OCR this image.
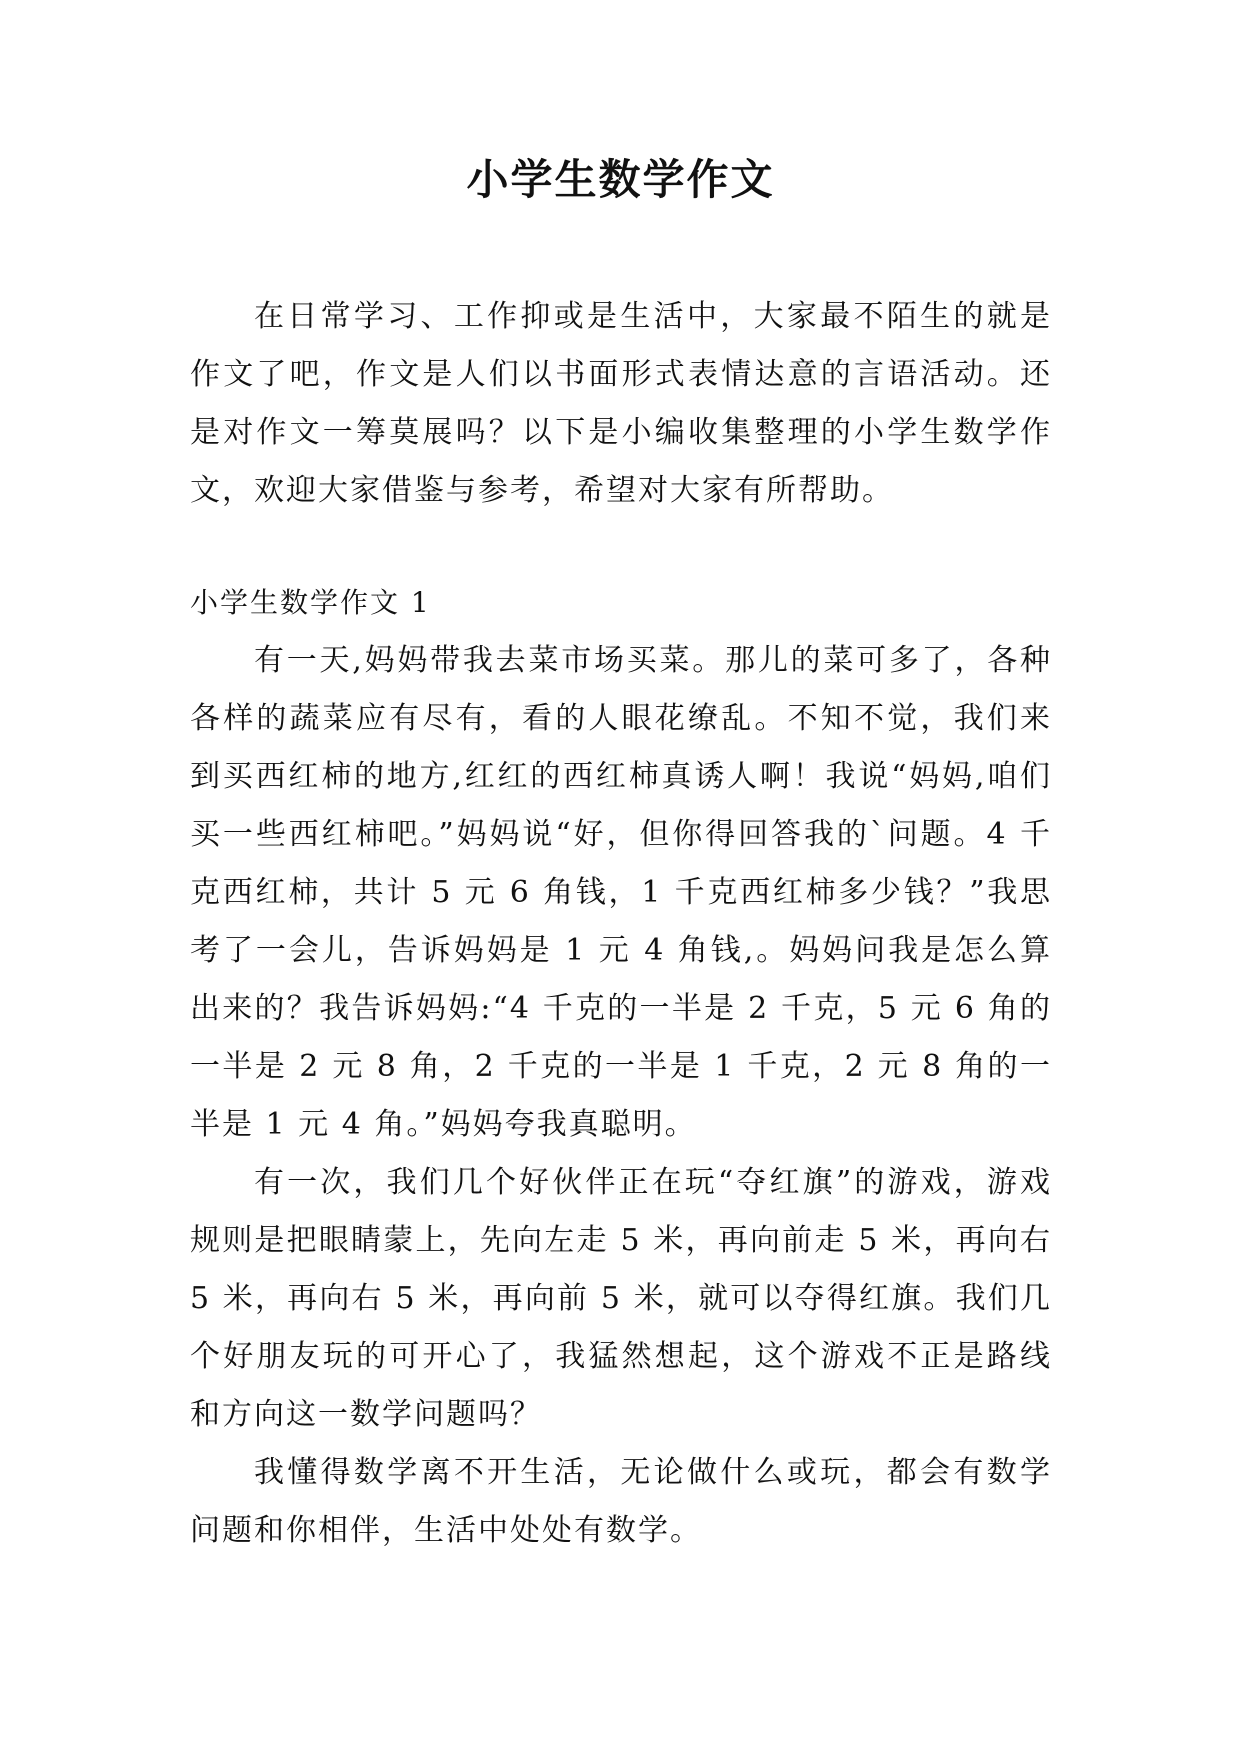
小学生数学作文

在日常学习、工作抑或是生活中，大家最不陌生的就是作文了吧，作文是人们以书面形式表情达意的言语活动。还是对作文一筹莫展吗？以下是小编收集整理的小学生数学作文，欢迎大家借鉴与参考，希望对大家有所帮助。

小学生数学作文 1

有一天,妈妈带我去菜市场买菜。那儿的菜可多了，各种各样的蔬菜应有尽有，看的人眼花缭乱。不知不觉，我们来到买西红柿的地方,红红的西红柿真诱人啊！我说“妈妈,咱们买一些西红柿吧。”妈妈说“好，但你得回答我的`问题。4 千克西红柿，共计 5 元 6 角钱，1 千克西红柿多少钱？”我思考了一会儿，告诉妈妈是 1 元 4 角钱,。妈妈问我是怎么算出来的？我告诉妈妈:“4 千克的一半是 2 千克，5 元 6 角的一半是 2 元 8 角，2 千克的一半是 1 千克，2 元 8 角的一半是 1 元 4 角。”妈妈夸我真聪明。

有一次，我们几个好伙伴正在玩“夺红旗”的游戏，游戏规则是把眼睛蒙上，先向左走 5 米，再向前走 5 米，再向右 5 米，再向右 5 米，再向前 5 米，就可以夺得红旗。我们几个好朋友玩的可开心了，我猛然想起，这个游戏不正是路线和方向这一数学问题吗？

我懂得数学离不开生活，无论做什么或玩，都会有数学问题和你相伴，生活中处处有数学。
